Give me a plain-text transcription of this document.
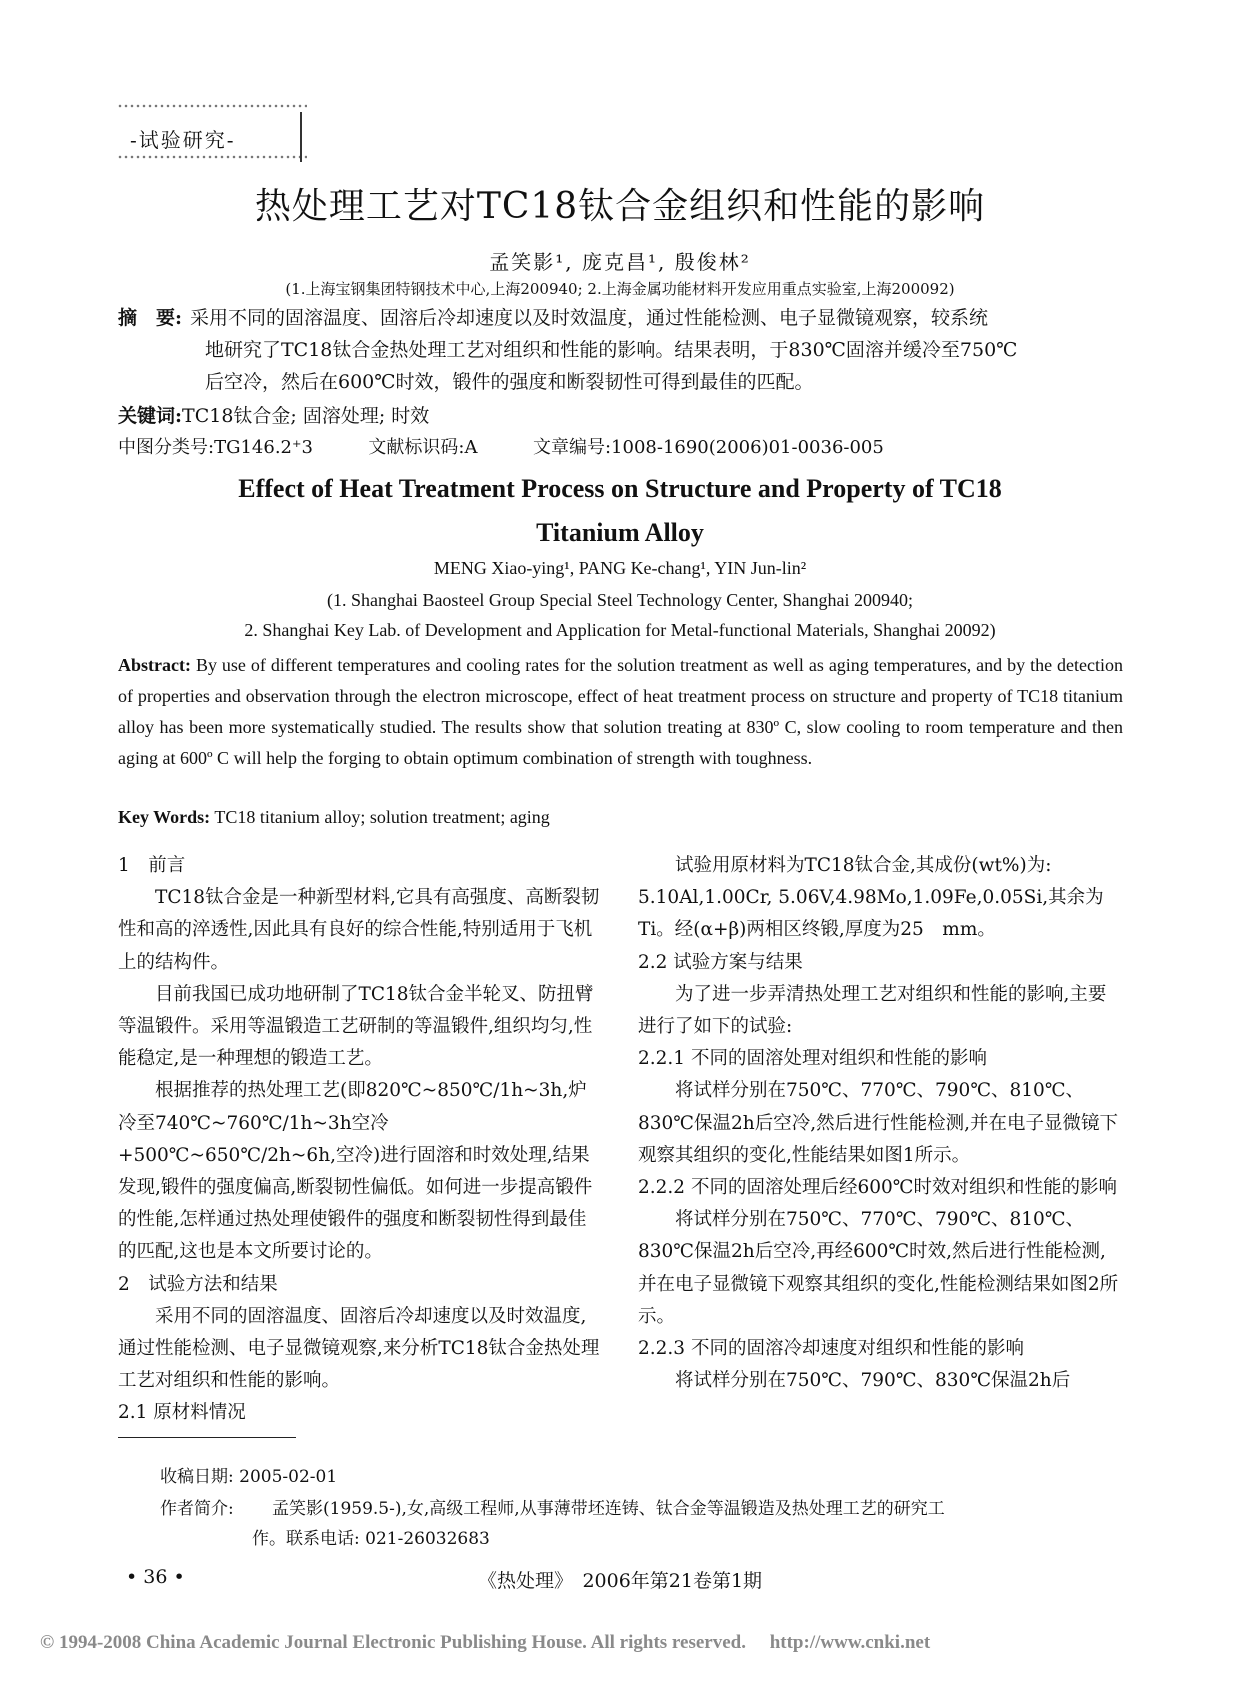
-试验研究-
热处理工艺对TC18钛合金组织和性能的影响
孟笑影¹, 庞克昌¹, 殷俊林²
(1.上海宝钢集团特钢技术中心,上海200940; 2.上海金属功能材料开发应用重点实验室,上海200092)
摘　要: 采用不同的固溶温度、固溶后冷却速度以及时效温度，通过性能检测、电子显微镜观察，较系统
地研究了TC18钛合金热处理工艺对组织和性能的影响。结果表明，于830℃固溶并缓冷至750℃
后空冷，然后在600℃时效，锻件的强度和断裂韧性可得到最佳的匹配。
关键词:TC18钛合金; 固溶处理; 时效
中图分类号:TG146.2⁺3	文献标识码:A	文章编号:1008-1690(2006)01-0036-005
Effect of Heat Treatment Process on Structure and Property of TC18
Titanium Alloy
MENG Xiao-ying¹, PANG Ke-chang¹, YIN Jun-lin²
(1. Shanghai Baosteel Group Special Steel Technology Center, Shanghai 200940;
2. Shanghai Key Lab. of Development and Application for Metal-functional Materials, Shanghai 20092)
Abstract: By use of different temperatures and cooling rates for the solution treatment as well as aging temperatures, and by the detection of properties and observation through the electron microscope, effect of heat treatment process on structure and property of TC18 titanium alloy has been more systematically studied. The results show that solution treating at 830º C, slow cooling to room temperature and then aging at 600º C will help the forging to obtain optimum combination of strength with toughness.
Key Words: TC18 titanium alloy; solution treatment; aging

1　前言

TC18钛合金是一种新型材料,它具有高强度、高断裂韧性和高的淬透性,因此具有良好的综合性能,特别适用于飞机上的结构件。

目前我国已成功地研制了TC18钛合金半轮叉、防扭臂等温锻件。采用等温锻造工艺研制的等温锻件,组织均匀,性能稳定,是一种理想的锻造工艺。

根据推荐的热处理工艺(即820℃~850℃/1h~3h,炉冷至740℃~760℃/1h~3h空冷+500℃~650℃/2h~6h,空冷)进行固溶和时效处理,结果发现,锻件的强度偏高,断裂韧性偏低。如何进一步提高锻件的性能,怎样通过热处理使锻件的强度和断裂韧性得到最佳的匹配,这也是本文所要讨论的。

2　试验方法和结果

采用不同的固溶温度、固溶后冷却速度以及时效温度,通过性能检测、电子显微镜观察,来分析TC18钛合金热处理工艺对组织和性能的影响。

2.1 原材料情况

试验用原材料为TC18钛合金,其成份(wt%)为: 5.10Al,1.00Cr, 5.06V,4.98Mo,1.09Fe,0.05Si,其余为Ti。经(α+β)两相区终锻,厚度为25　mm。

2.2 试验方案与结果

为了进一步弄清热处理工艺对组织和性能的影响,主要进行了如下的试验:

2.2.1 不同的固溶处理对组织和性能的影响

将试样分别在750℃、770℃、790℃、810℃、830℃保温2h后空冷,然后进行性能检测,并在电子显微镜下观察其组织的变化,性能结果如图1所示。

2.2.2 不同的固溶处理后经600℃时效对组织和性能的影响

将试样分别在750℃、770℃、790℃、810℃、830℃保温2h后空冷,再经600℃时效,然后进行性能检测,并在电子显微镜下观察其组织的变化,性能检测结果如图2所示。

2.2.3 不同的固溶冷却速度对组织和性能的影响

将试样分别在750℃、790℃、830℃保温2h后

收稿日期: 2005-02-01
作者简介: 孟笑影(1959.5-),女,高级工程师,从事薄带坯连铸、钛合金等温锻造及热处理工艺的研究工
作。联系电话: 021-26032683
• 36 •	《热处理》　2006年第21卷第1期
© 1994-2008 China Academic Journal Electronic Publishing House. All rights reserved.　 http://www.cnki.net
